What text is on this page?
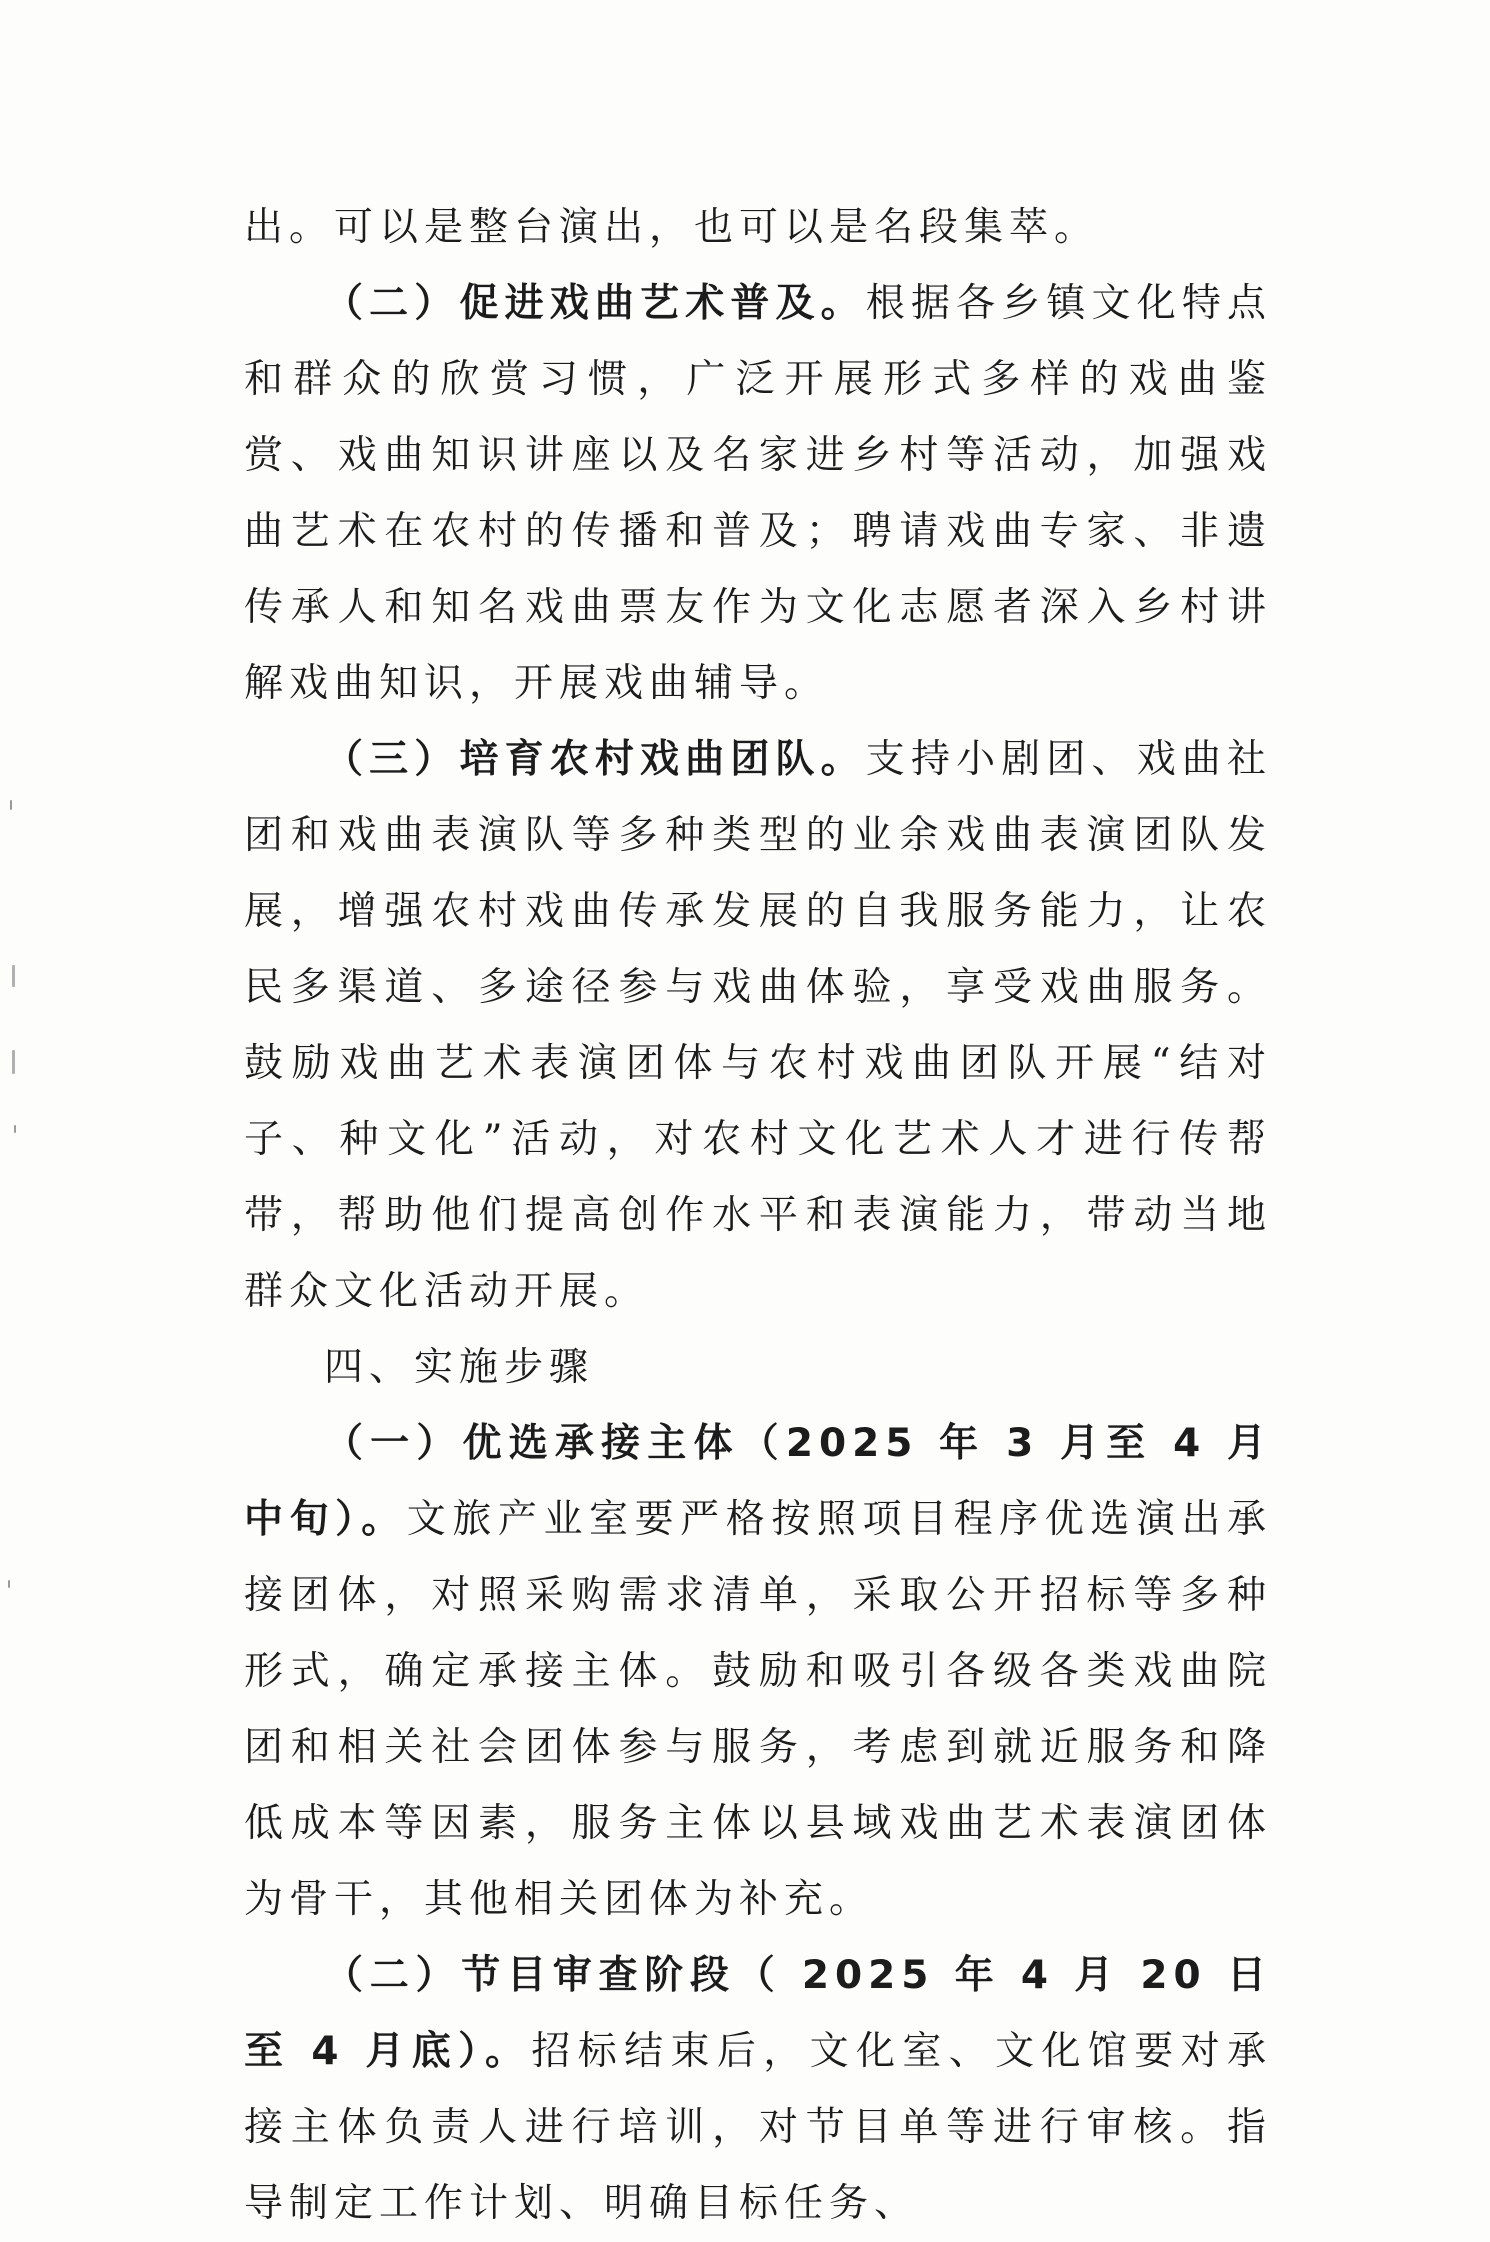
出。可以是整台演出，也可以是名段集萃。

（二）促进戏曲艺术普及。根据各乡镇文化特点和群众的欣赏习惯，广泛开展形式多样的戏曲鉴赏、戏曲知识讲座以及名家进乡村等活动，加强戏曲艺术在农村的传播和普及；聘请戏曲专家、非遗传承人和知名戏曲票友作为文化志愿者深入乡村讲解戏曲知识，开展戏曲辅导。

（三）培育农村戏曲团队。支持小剧团、戏曲社团和戏曲表演队等多种类型的业余戏曲表演团队发展，增强农村戏曲传承发展的自我服务能力，让农民多渠道、多途径参与戏曲体验，享受戏曲服务。鼓励戏曲艺术表演团体与农村戏曲团队开展“结对子、种文化”活动，对农村文化艺术人才进行传帮带，帮助他们提高创作水平和表演能力，带动当地群众文化活动开展。

四、实施步骤

（一）优选承接主体（2025 年 3 月至 4 月中旬）。文旅产业室要严格按照项目程序优选演出承接团体，对照采购需求清单，采取公开招标等多种形式，确定承接主体。鼓励和吸引各级各类戏曲院团和相关社会团体参与服务，考虑到就近服务和降低成本等因素，服务主体以县域戏曲艺术表演团体为骨干，其他相关团体为补充。

（二）节目审查阶段（ 2025 年 4 月 20 日至 4 月底）。招标结束后，文化室、文化馆要对承接主体负责人进行培训，对节目单等进行审核。指导制定工作计划、明确目标任务、
